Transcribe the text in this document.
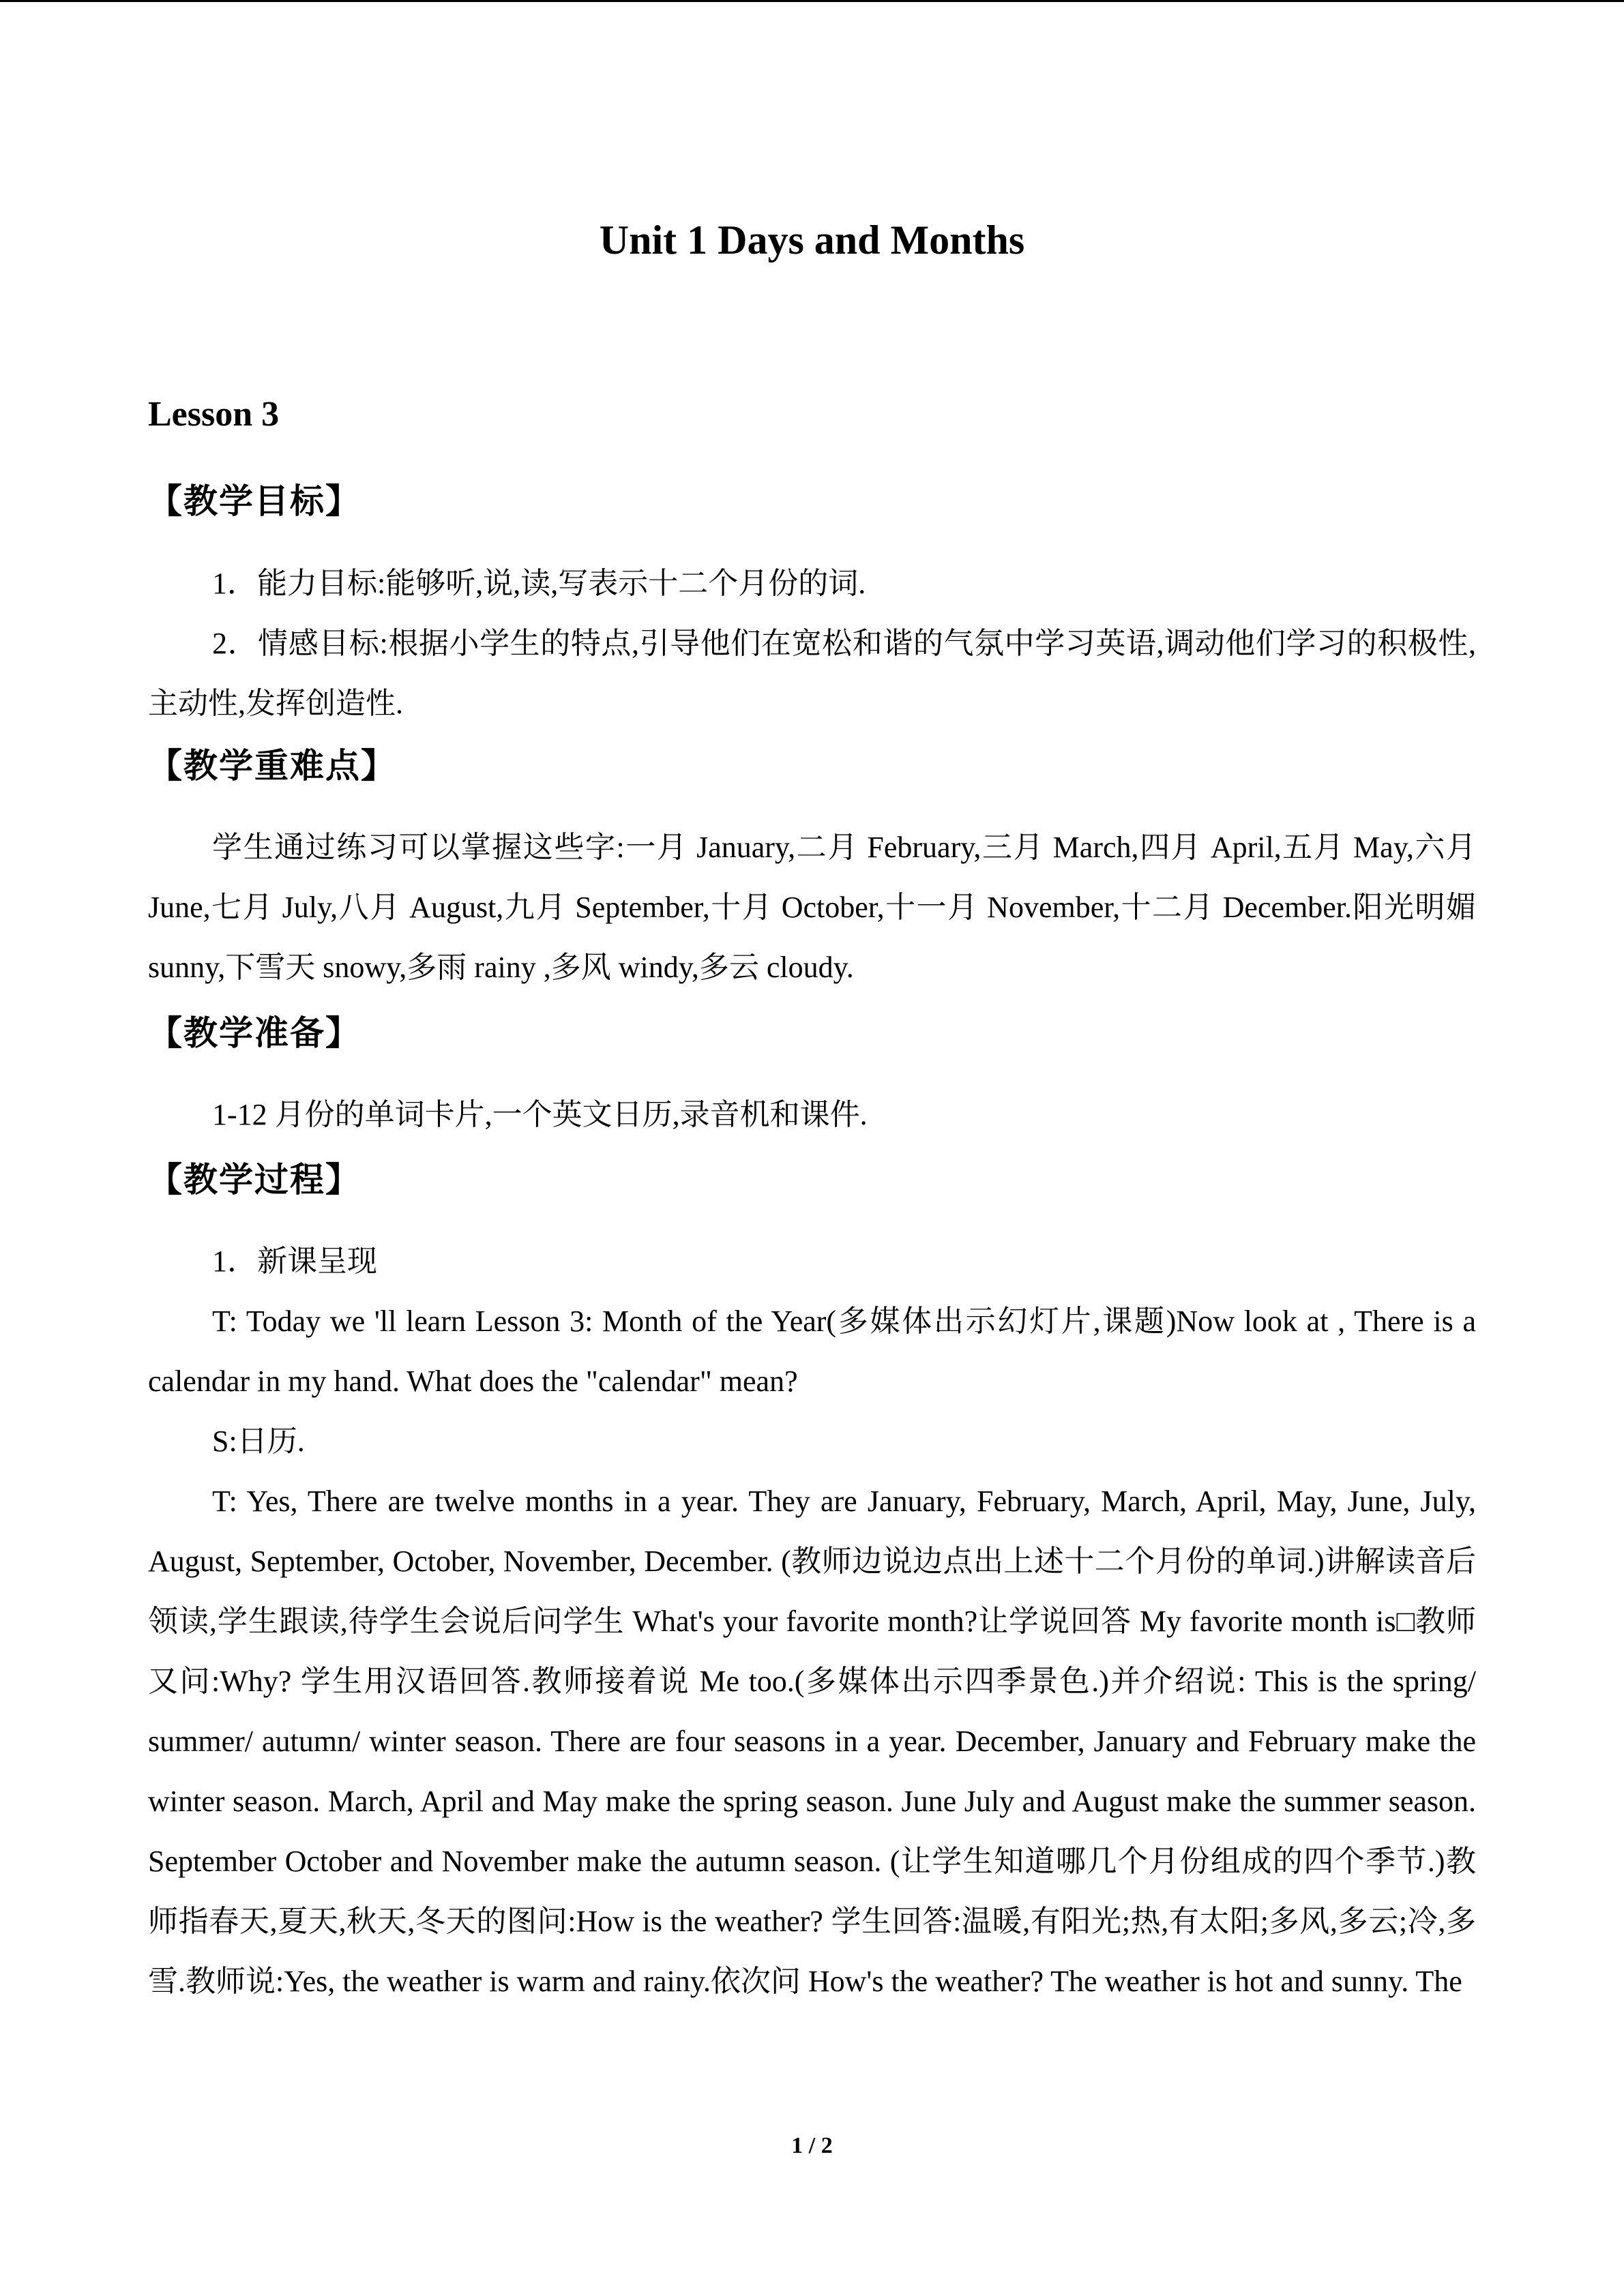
Unit 1 Days and Months
Lesson 3
【教学目标】
1．能力目标:能够听,说,读,写表示十二个月份的词.
2．情感目标:根据小学生的特点,引导他们在宽松和谐的气氛中学习英语,调动他们学习的积极性,主动性,发挥创造性.
【教学重难点】
学生通过练习可以掌握这些字:一月 January,二月 February,三月 March,四月 April,五月 May,六月 June,七月 July,八月 August,九月 September,十月 October,十一月 November,十二月 December.阳光明媚 sunny,下雪天 snowy,多雨 rainy ,多风 windy,多云 cloudy.
【教学准备】
1-12 月份的单词卡片,一个英文日历,录音机和课件.
【教学过程】
1．新课呈现
T: Today we 'll learn Lesson 3: Month of the Year(多媒体出示幻灯片,课题)Now look at , There is a calendar in my hand. What does the "calendar" mean?
S:日历.
T: Yes, There are twelve months in a year. They are January, February, March, April, May, June, July, August, September, October, November, December. (教师边说边点出上述十二个月份的单词.)讲解读音后领读,学生跟读,待学生会说后问学生 What's your favorite month?让学说回答 My favorite month is□教师又问:Why? 学生用汉语回答.教师接着说 Me too.(多媒体出示四季景色.)并介绍说: This is the spring/ summer/ autumn/ winter season. There are four seasons in a year. December, January and February make the winter season. March, April and May make the spring season. June July and August make the summer season. September October and November make the autumn season. (让学生知道哪几个月份组成的四个季节.)教师指春天,夏天,秋天,冬天的图问:How is the weather? 学生回答:温暖,有阳光;热,有太阳;多风,多云;冷,多雪.教师说:Yes, the weather is warm and rainy.依次问 How's the weather? The weather is hot and sunny. The
1 / 2
